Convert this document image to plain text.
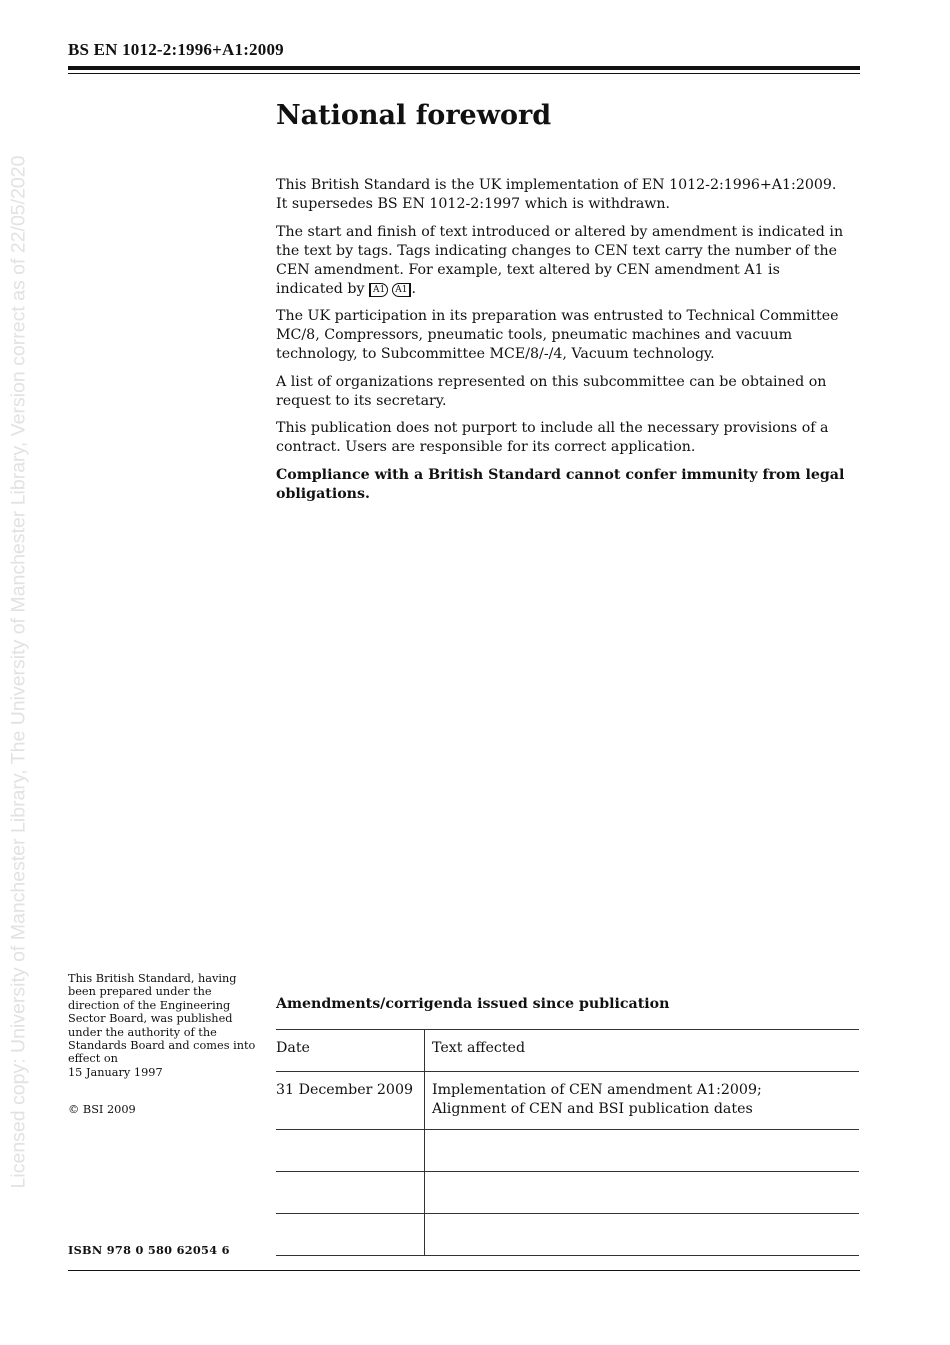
BS EN 1012-2:1996+A1:2009
Licensed copy: University of Manchester Library, The University of Manchester Library, Version correct as of 22/05/2020
National foreword

This British Standard is the UK implementation of EN 1012-2:1996+A1:2009. It supersedes BS EN 1012-2:1997 which is withdrawn.

The start and finish of text introduced or altered by amendment is indicated in the text by tags. Tags indicating changes to CEN text carry the number of the CEN amendment. For example, text altered by CEN amendment A1 is indicated by A1 A1 .

The UK participation in its preparation was entrusted to Technical Committee MC/8, Compressors, pneumatic tools, pneumatic machines and vacuum technology, to Subcommittee MCE/8/-/4, Vacuum technology.

A list of organizations represented on this subcommittee can be obtained on request to its secretary.

This publication does not purport to include all the necessary provisions of a contract. Users are responsible for its correct application.

Compliance with a British Standard cannot confer immunity from legal obligations.

This British Standard, having been prepared under the direction of the Engineering Sector Board, was published under the authority of the Standards Board and comes into effect on
15 January 1997
© BSI 2009
ISBN 978 0 580 62054 6
Amendments/corrigenda issued since publication
Date	Text affected
31 December 2009	Implementation of CEN amendment A1:2009;
Alignment of CEN and BSI publication dates
